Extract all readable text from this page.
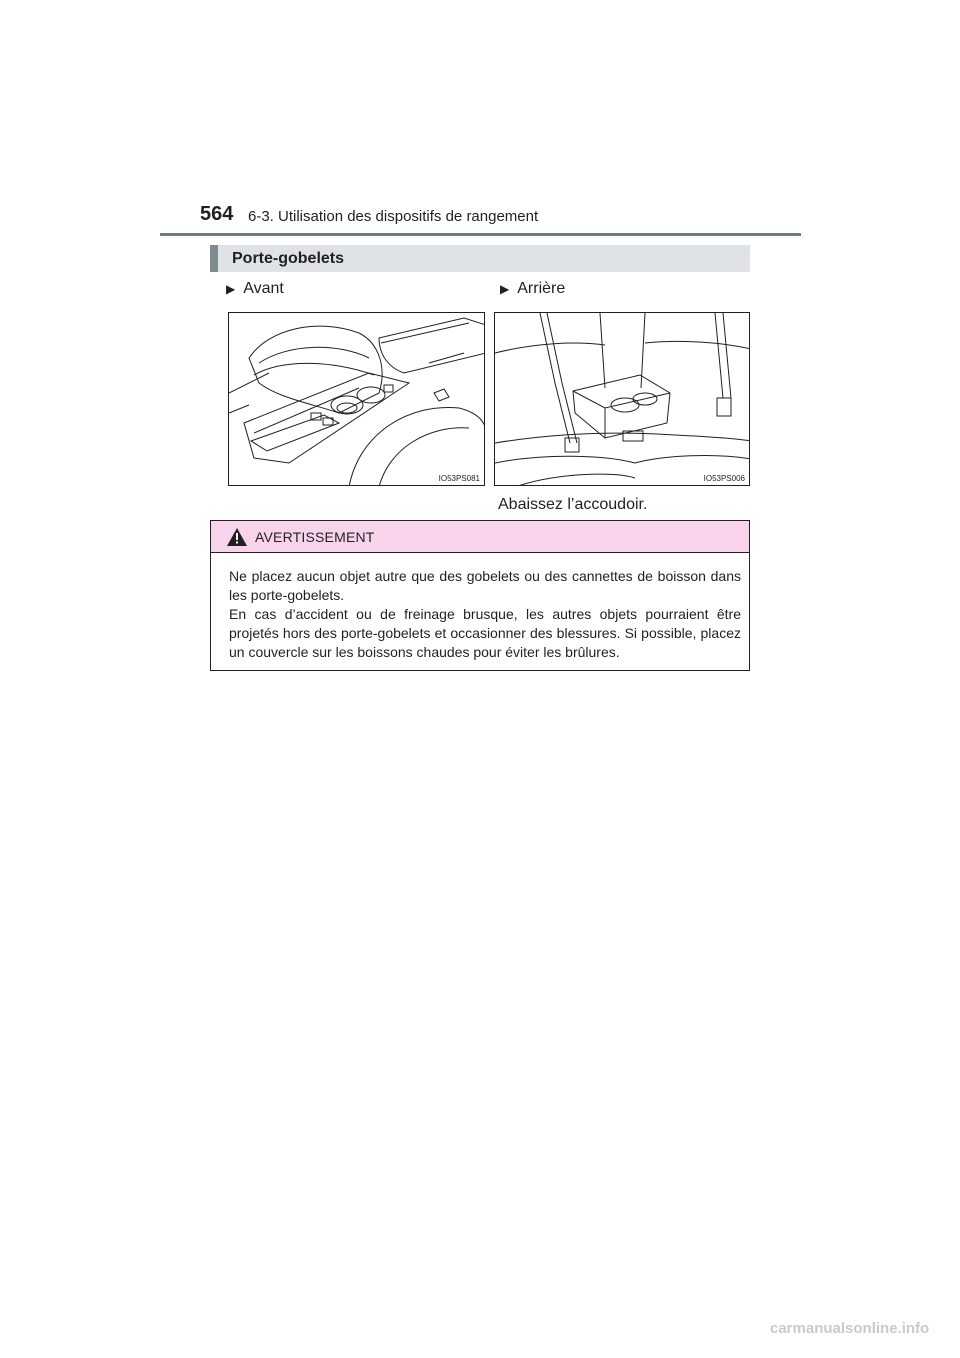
564 6-3. Utilisation des dispositifs de rangement
Porte-gobelets
▶ Avant	▶ Arrière
IO53PS081	IO53PS006
Abaissez l’accoudoir.
AVERTISSEMENT

Ne placez aucun objet autre que des gobelets ou des cannettes de boisson dans les porte-gobelets.

En cas d’accident ou de freinage brusque, les autres objets pourraient être projetés hors des porte-gobelets et occasionner des blessures. Si possible, placez un couvercle sur les boissons chaudes pour éviter les brûlures.

carmanualsonline.info
